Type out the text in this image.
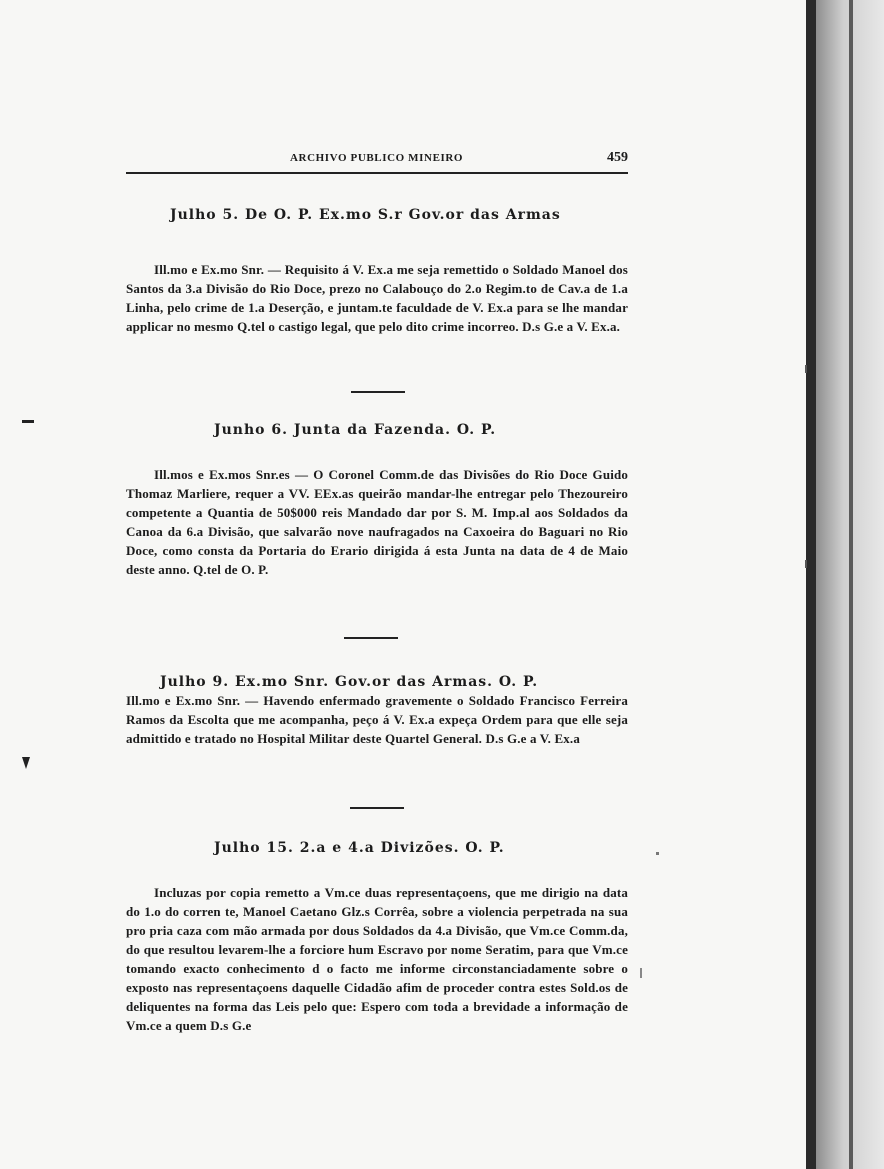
ARCHIVO PUBLICO MINEIRO	459
Julho 5. De O. P. Ex.mo S.r Gov.or das Armas

Ill.mo e Ex.mo Snr. — Requisito á V. Ex.a me seja remettido o Soldado Manoel dos Santos da 3.a Divisão do Rio Doce, prezo no Calabouço do 2.o Regim.to de Cav.a de 1.a Linha, pelo crime de 1.a Deserção, e juntam.te faculdade de V. Ex.a para se lhe mandar applicar no mesmo Q.tel o castigo legal, que pelo dito crime incorreo. D.s G.e a V. Ex.a.

Junho 6. Junta da Fazenda. O. P.

Ill.mos e Ex.mos Snr.es — O Coronel Comm.de das Divisões do Rio Doce Guido Thomaz Marliere, requer a VV. EEx.as queirão mandar-lhe entregar pelo Thezoureiro competente a Quantia de 50$000 reis Mandado dar por S. M. Imp.al aos Soldados da Canoa da 6.a Divisão, que salvarão nove naufragados na Caxoeira do Baguari no Rio Doce, como consta da Portaria do Erario dirigida á esta Junta na data de 4 de Maio deste anno. Q.tel de O. P.

Julho 9. Ex.mo Snr. Gov.or das Armas. O. P.

Ill.mo e Ex.mo Snr. — Havendo enfermado gravemente o Soldado Francisco Ferreira Ramos da Escolta que me acompanha, peço á V. Ex.a expeça Ordem para que elle seja admittido e tratado no Hospital Militar deste Quartel General. D.s G.e a V. Ex.a

Julho 15. 2.a e 4.a Divizões. O. P.

Incluzas por copia remetto a Vm.ce duas representaçoens, que me dirigio na data do 1.o do corren te, Manoel Caetano Glz.s Corrêa, sobre a violencia perpetrada na sua pro pria caza com mão armada por dous Soldados da 4.a Divisão, que Vm.ce Comm.da, do que resultou levarem-lhe a forciore hum Escravo por nome Seratim, para que Vm.ce tomando exacto conhecimento d o facto me informe circonstanciadamente sobre o exposto nas representaçoens daquelle Cidadão afim de proceder contra estes Sold.os de deliquentes na forma das Leis pelo que: Espero com toda a brevidade a informação de Vm.ce a quem D.s G.e
